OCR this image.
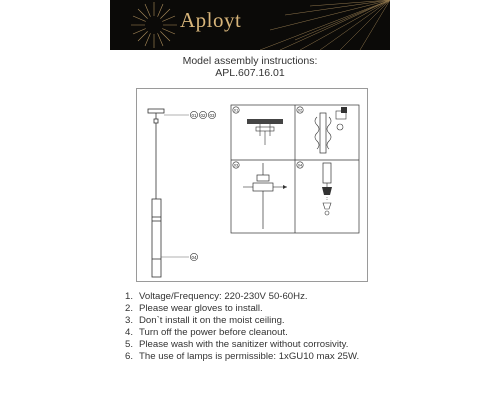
Aployt
Model assembly instructions:
APL.607.16.01
01 02 03
04
01	02
03	04
1. Voltage/Frequency: 220-230V 50-60Hz.
2. Please wear gloves to install.
3. Don`t install it on the moist ceiling.
4. Turn off the power before cleanout.
5. Please wash with the sanitizer without corrosivity.
6. The use of lamps is permissible: 1xGU10 max 25W.
